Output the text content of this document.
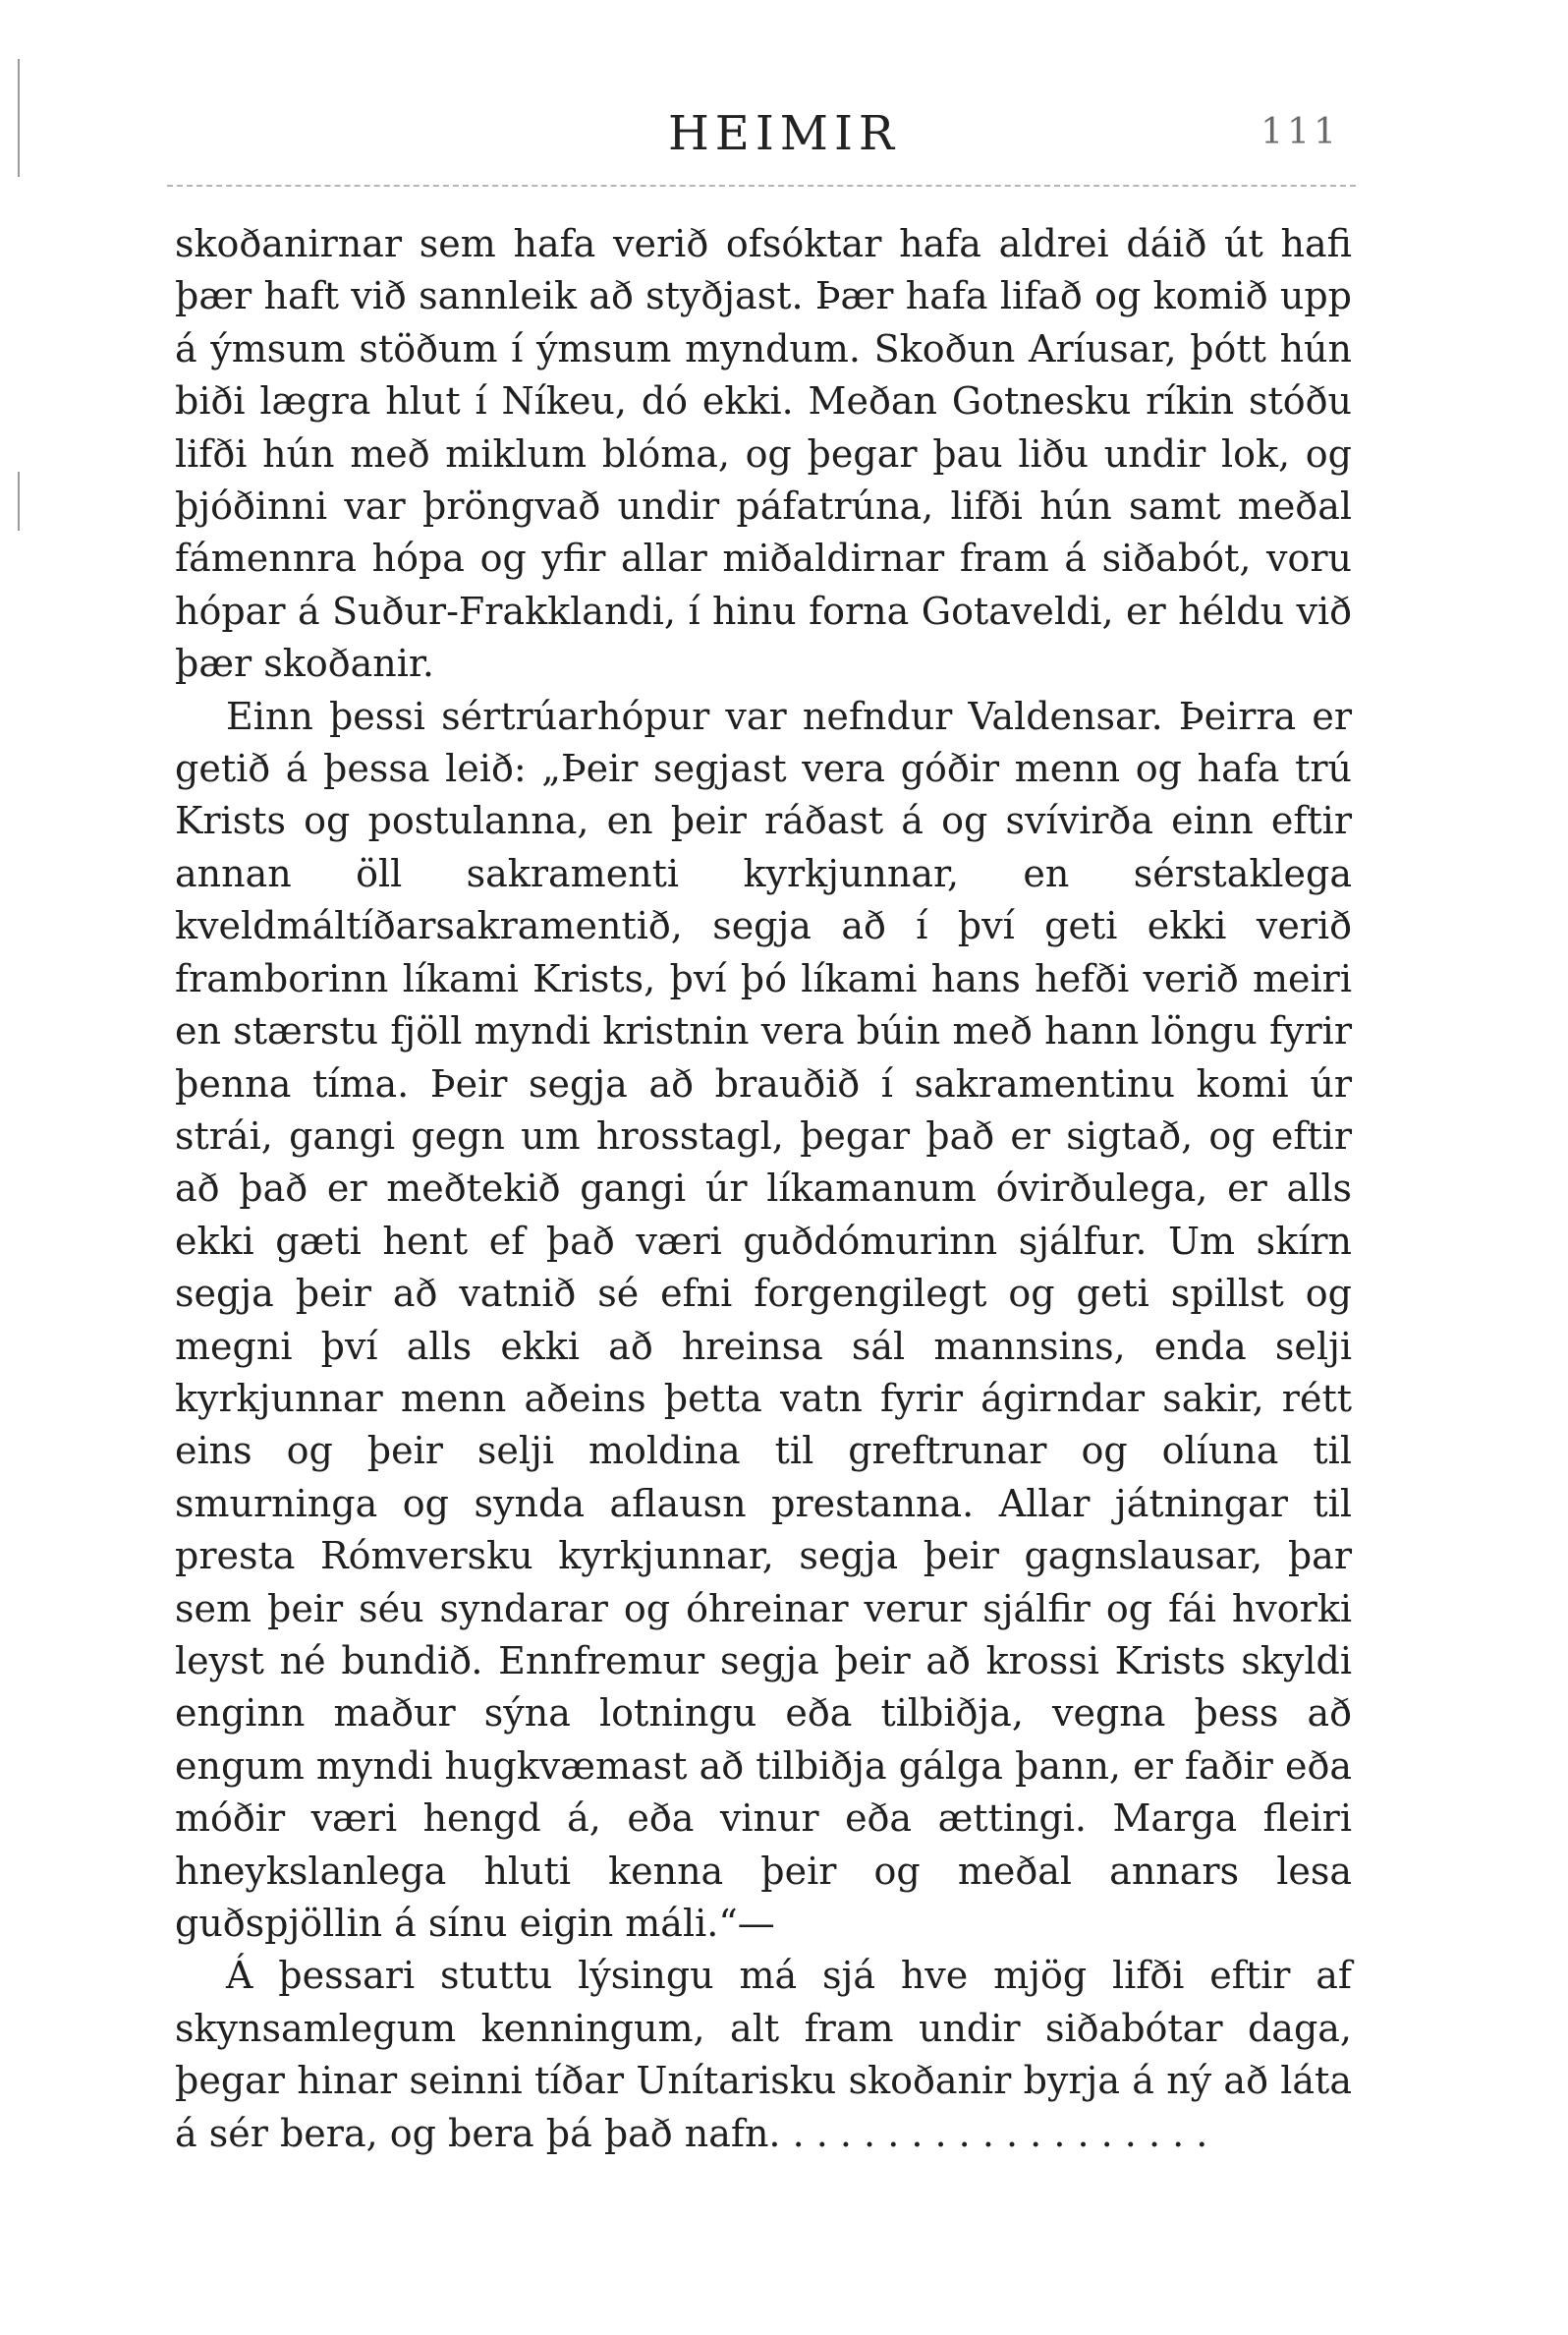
HEIMIR	111

skoðanirnar sem hafa verið ofsóktar hafa aldrei dáið út hafi þær haft við sannleik að styðjast. Þær hafa lifað og komið upp á ýmsum stöðum í ýmsum myndum. Skoðun Aríusar, þótt hún biði lægra hlut í Níkeu, dó ekki. Meðan Gotnesku ríkin stóðu lifði hún með miklum blóma, og þegar þau liðu undir lok, og þjóðinni var þröngvað undir páfatrúna, lifði hún samt meðal fámennra hópa og yfir allar miðaldirnar fram á siðabót, voru hópar á Suður-Frakklandi, í hinu forna Gotaveldi, er héldu við þær skoðanir.

Einn þessi sértrúarhópur var nefndur Valdensar. Þeirra er getið á þessa leið: „Þeir segjast vera góðir menn og hafa trú Krists og postulanna, en þeir ráðast á og svívirða einn eftir annan öll sakramenti kyrkjunnar, en sérstaklega kveldmáltíðarsakramentið, segja að í því geti ekki verið framborinn líkami Krists, því þó líkami hans hefði verið meiri en stærstu fjöll myndi kristnin vera búin með hann löngu fyrir þenna tíma. Þeir segja að brauðið í sakramentinu komi úr strái, gangi gegn um hrosstagl, þegar það er sigtað, og eftir að það er meðtekið gangi úr líkamanum óvirðulega, er alls ekki gæti hent ef það væri guðdómurinn sjálfur. Um skírn segja þeir að vatnið sé efni forgengilegt og geti spillst og megni því alls ekki að hreinsa sál mannsins, enda selji kyrkjunnar menn aðeins þetta vatn fyrir ágirndar sakir, rétt eins og þeir selji moldina til greftrunar og olíuna til smurninga og synda aflausn prestanna. Allar játningar til presta Rómversku kyrkjunnar, segja þeir gagnslausar, þar sem þeir séu syndarar og óhreinar verur sjálfir og fái hvorki leyst né bundið. Ennfremur segja þeir að krossi Krists skyldi enginn maður sýna lotningu eða tilbiðja, vegna þess að engum myndi hugkvæmast að tilbiðja gálga þann, er faðir eða móðir væri hengd á, eða vinur eða ættingi. Marga fleiri hneykslanlega hluti kenna þeir og meðal annars lesa guðspjöllin á sínu eigin máli.“—

Á þessari stuttu lýsingu má sjá hve mjög lifði eftir af skynsamlegum kenningum, alt fram undir siðabótar daga, þegar hinar seinni tíðar Unítarisku skoðanir byrja á ný að láta á sér bera, og bera þá það nafn. . . . . . . . . . . . . . . . . . .
